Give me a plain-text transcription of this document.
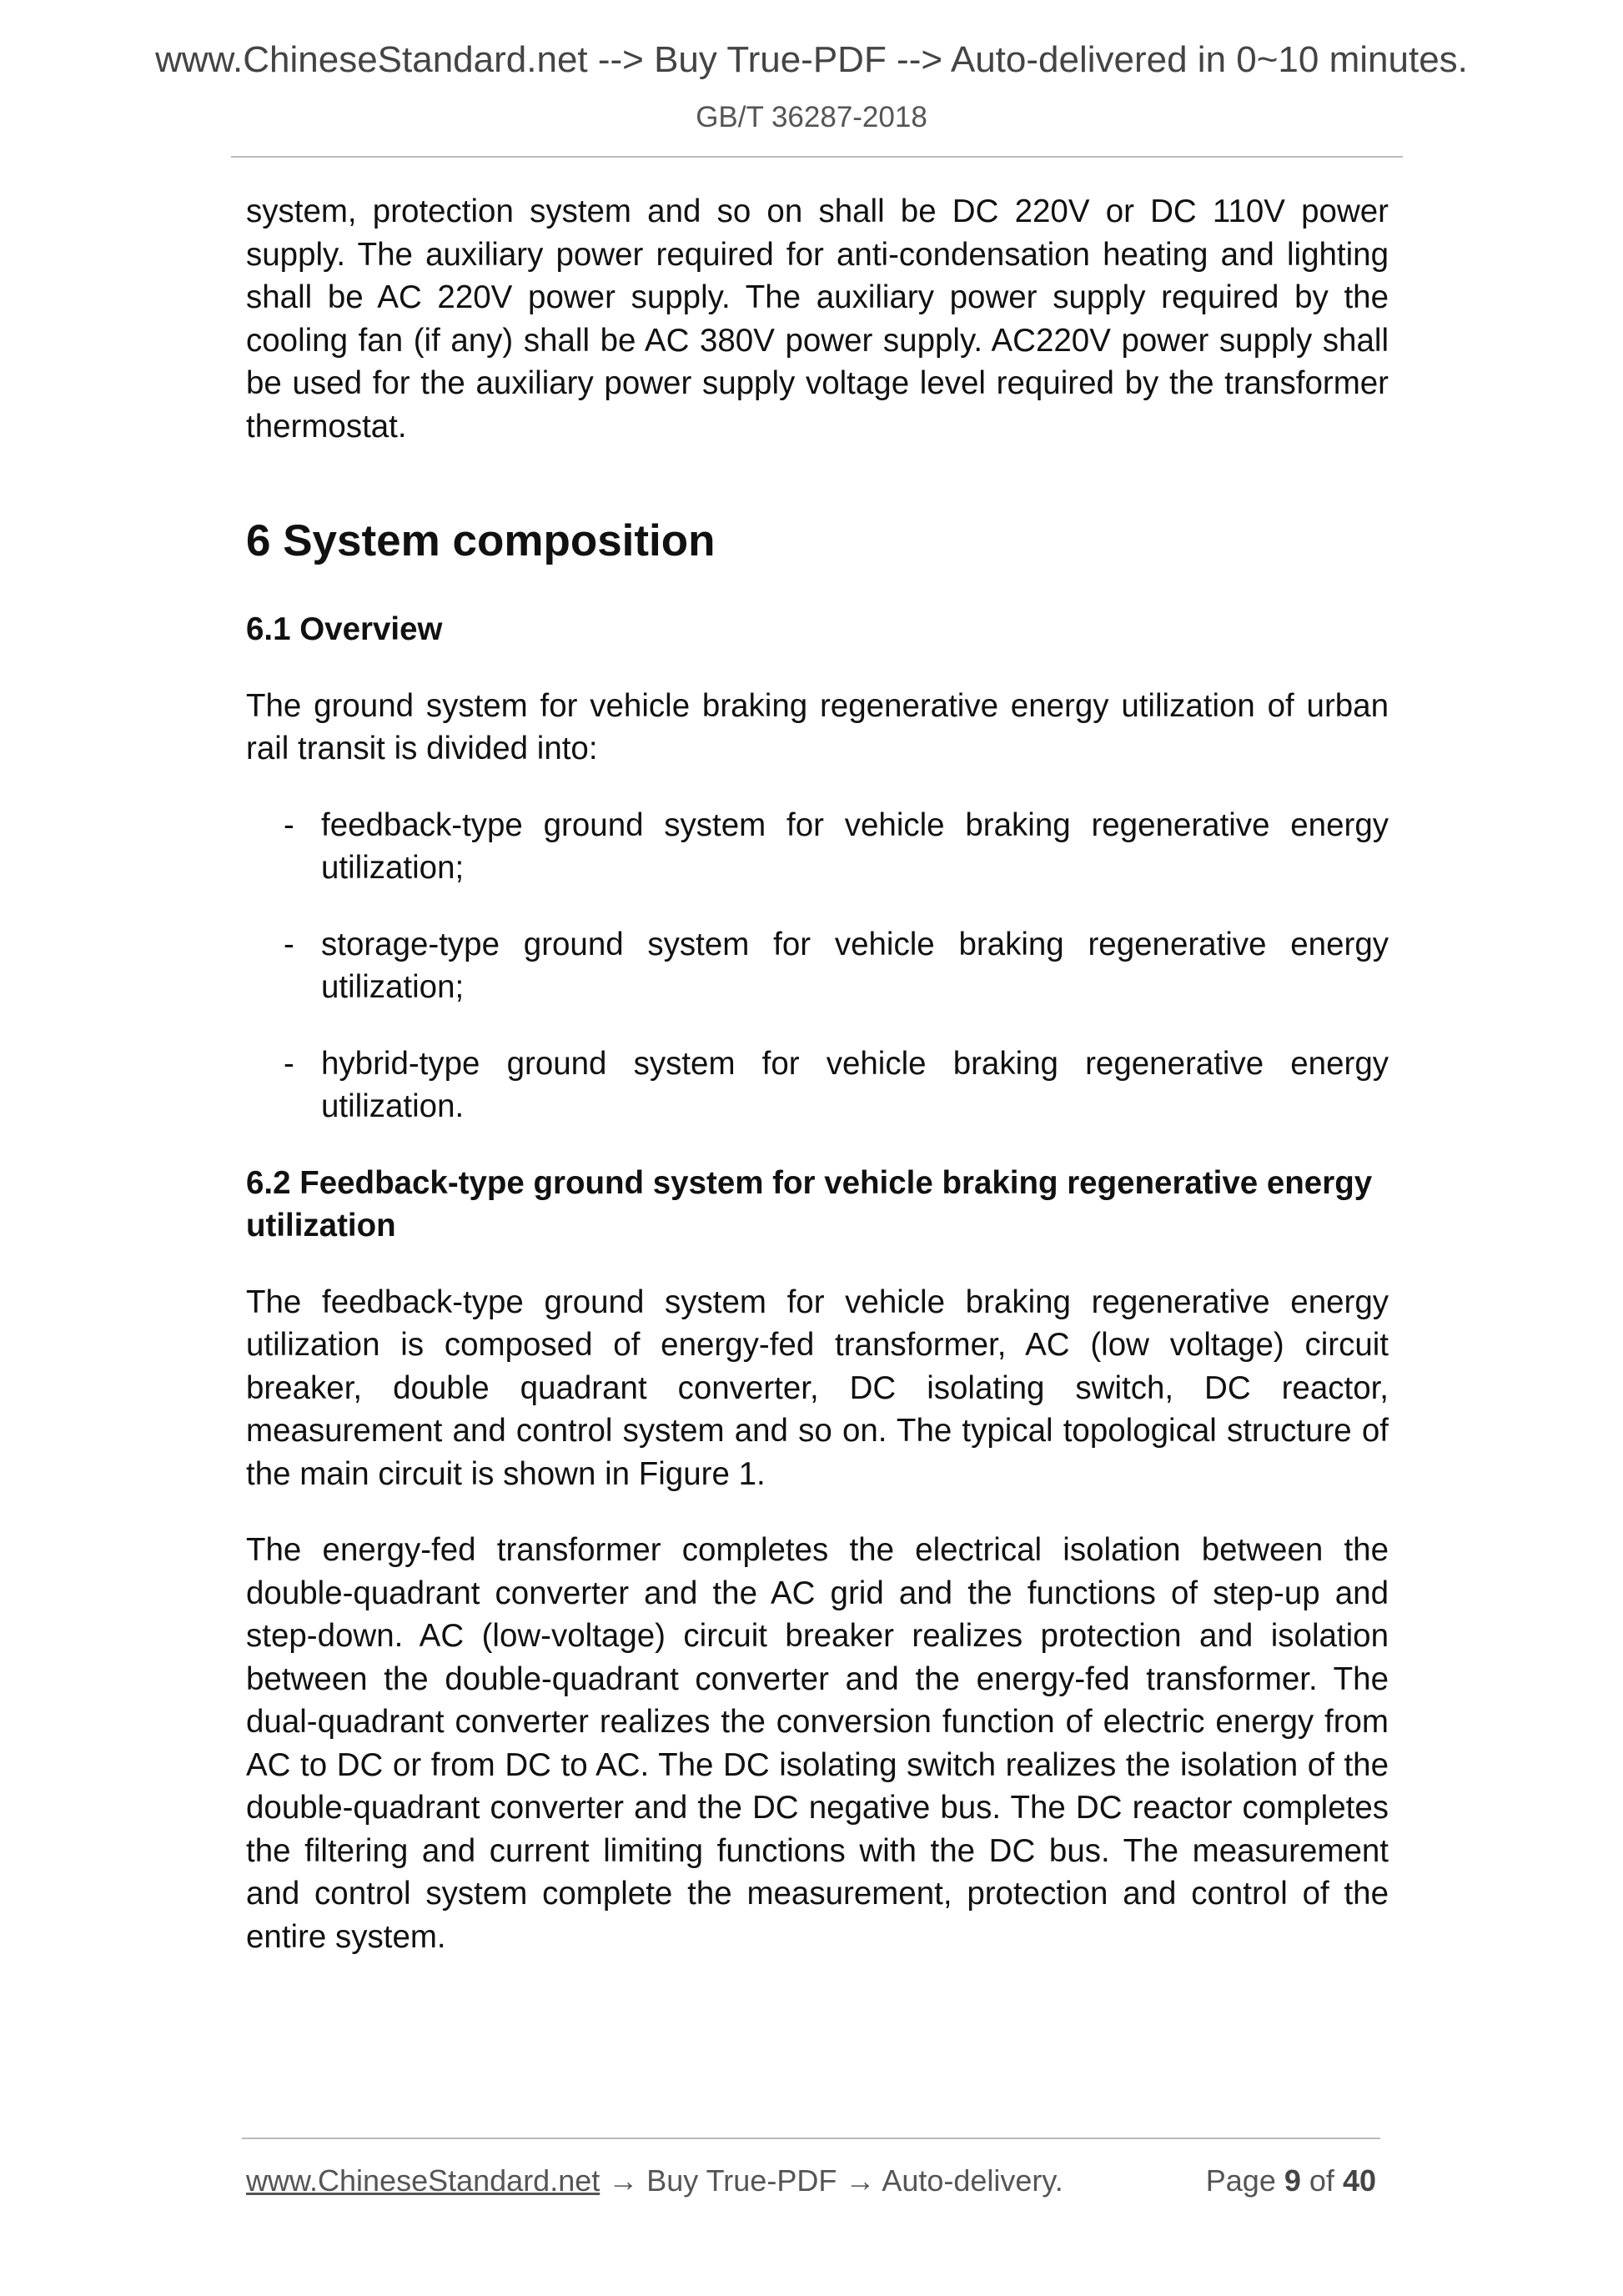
www.ChineseStandard.net --> Buy True-PDF --> Auto-delivered in 0~10 minutes.
GB/T 36287-2018

system, protection system and so on shall be DC 220V or DC 110V power supply. The auxiliary power required for anti-condensation heating and lighting shall be AC 220V power supply. The auxiliary power supply required by the cooling fan (if any) shall be AC 380V power supply. AC220V power supply shall be used for the auxiliary power supply voltage level required by the transformer thermostat.

6 System composition
6.1 Overview

The ground system for vehicle braking regenerative energy utilization of urban rail transit is divided into:

- feedback-type ground system for vehicle braking regenerative energy utilization;
- storage-type ground system for vehicle braking regenerative energy utilization;
- hybrid-type ground system for vehicle braking regenerative energy utilization.
6.2 Feedback-type ground system for vehicle braking regenerative energy utilization

The feedback-type ground system for vehicle braking regenerative energy utilization is composed of energy-fed transformer, AC (low voltage) circuit breaker, double quadrant converter, DC isolating switch, DC reactor, measurement and control system and so on. The typical topological structure of the main circuit is shown in Figure 1.

The energy-fed transformer completes the electrical isolation between the double-quadrant converter and the AC grid and the functions of step-up and step-down. AC (low-voltage) circuit breaker realizes protection and isolation between the double-quadrant converter and the energy-fed transformer. The dual-quadrant converter realizes the conversion function of electric energy from AC to DC or from DC to AC. The DC isolating switch realizes the isolation of the double-quadrant converter and the DC negative bus. The DC reactor completes the filtering and current limiting functions with the DC bus. The measurement and control system complete the measurement, protection and control of the entire system.

www.ChineseStandard.net → Buy True-PDF → Auto-delivery.	Page 9 of 40
